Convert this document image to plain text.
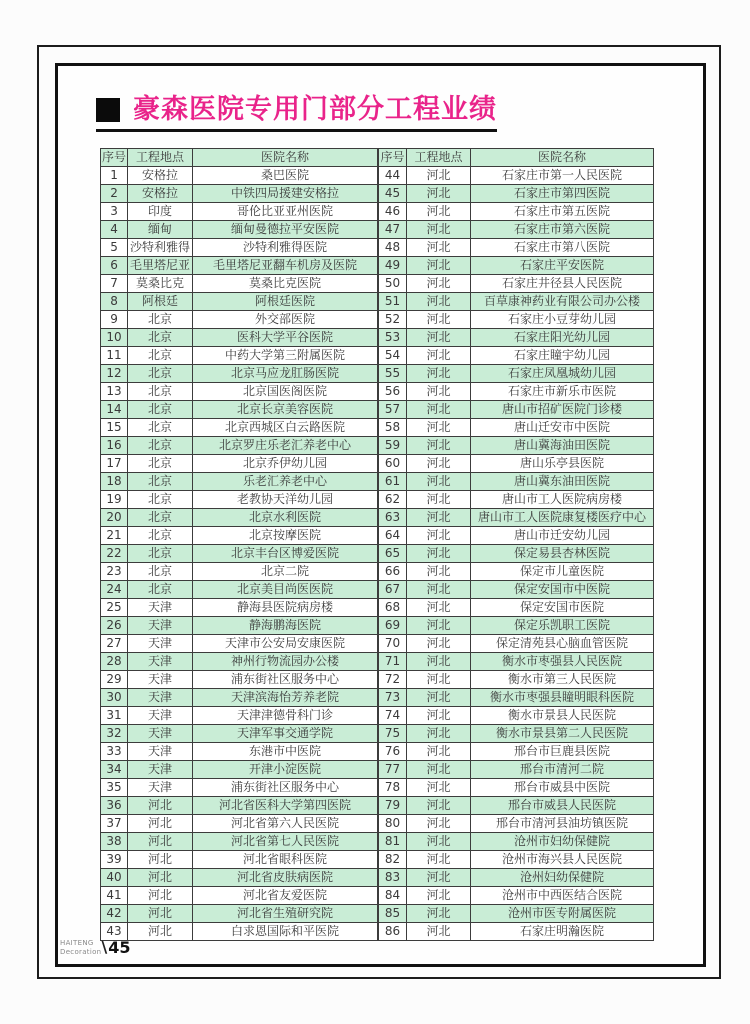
豪森医院专用门部分工程业绩
序号	工程地点	医院名称
1	安格拉	桑巴医院
2	安格拉	中铁四局援建安格拉
3	印度	哥伦比亚亚州医院
4	缅甸	缅甸曼德拉平安医院
5	沙特利雅得	沙特利雅得医院
6	毛里塔尼亚	毛里塔尼亚翻车机房及医院
7	莫桑比克	莫桑比克医院
8	阿根廷	阿根廷医院
9	北京	外交部医院
10	北京	医科大学平谷医院
11	北京	中药大学第三附属医院
12	北京	北京马应龙肛肠医院
13	北京	北京国医阁医院
14	北京	北京长京美容医院
15	北京	北京西城区白云路医院
16	北京	北京罗庄乐老汇养老中心
17	北京	北京乔伊幼儿园
18	北京	乐老汇养老中心
19	北京	老教协天洋幼儿园
20	北京	北京水利医院
21	北京	北京按摩医院
22	北京	北京丰台区博爱医院
23	北京	北京二院
24	北京	北京美目尚医医院
25	天津	静海县医院病房楼
26	天津	静海鹏海医院
27	天津	天津市公安局安康医院
28	天津	神州行物流园办公楼
29	天津	浦东街社区服务中心
30	天津	天津滨海怡芳养老院
31	天津	天津津德骨科门诊
32	天津	天津军事交通学院
33	天津	东港市中医院
34	天津	开津小淀医院
35	天津	浦东街社区服务中心
36	河北	河北省医科大学第四医院
37	河北	河北省第六人民医院
38	河北	河北省第七人民医院
39	河北	河北省眼科医院
40	河北	河北省皮肤病医院
41	河北	河北省友爱医院
42	河北	河北省生殖研究院
43	河北	白求恩国际和平医院
序号	工程地点	医院名称
44	河北	石家庄市第一人民医院
45	河北	石家庄市第四医院
46	河北	石家庄市第五医院
47	河北	石家庄市第六医院
48	河北	石家庄市第八医院
49	河北	石家庄平安医院
50	河北	石家庄井径县人民医院
51	河北	百草康神药业有限公司办公楼
52	河北	石家庄小豆芽幼儿园
53	河北	石家庄阳光幼儿园
54	河北	石家庄瞳宇幼儿园
55	河北	石家庄凤凰城幼儿园
56	河北	石家庄市新乐市医院
57	河北	唐山市招矿医院门诊楼
58	河北	唐山迁安市中医院
59	河北	唐山冀海油田医院
60	河北	唐山乐亭县医院
61	河北	唐山冀东油田医院
62	河北	唐山市工人医院病房楼
63	河北	唐山市工人医院康复楼医疗中心
64	河北	唐山市迁安幼儿园
65	河北	保定易县杏林医院
66	河北	保定市儿童医院
67	河北	保定安国市中医院
68	河北	保定安国市医院
69	河北	保定乐凯职工医院
70	河北	保定清苑县心脑血管医院
71	河北	衡水市枣强县人民医院
72	河北	衡水市第三人民医院
73	河北	衡水市枣强县瞳明眼科医院
74	河北	衡水市景县人民医院
75	河北	衡水市景县第二人民医院
76	河北	邢台市巨鹿县医院
77	河北	邢台市清河二院
78	河北	邢台市威县中医院
79	河北	邢台市威县人民医院
80	河北	邢台市清河县油坊镇医院
81	河北	沧州市妇幼保健院
82	河北	沧州市海兴县人民医院
83	河北	沧州妇幼保健院
84	河北	沧州市中西医结合医院
85	河北	沧州市医专附属医院
86	河北	石家庄明瀚医院
HAITENG
Decoration \ 45
